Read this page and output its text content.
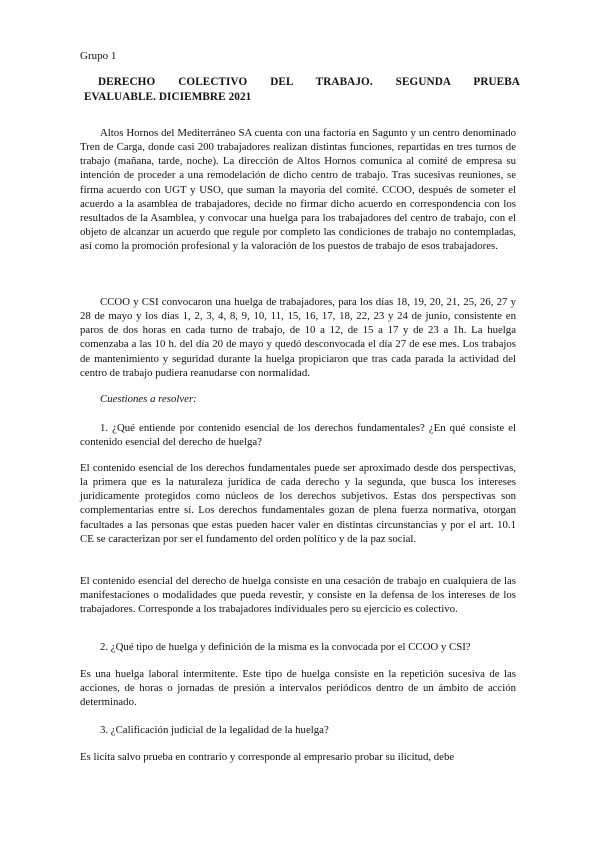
Grupo 1
DERECHO COLECTIVO DEL TRABAJO. SEGUNDA PRUEBA
EVALUABLE. DICIEMBRE 2021
Altos Hornos del Mediterráneo SA cuenta con una factoría en Sagunto y un centro denominado Tren de Carga, donde casi 200 trabajadores realizan distintas funciones, repartidas en tres turnos de trabajo (mañana, tarde, noche). La dirección de Altos Hornos comunica al comité de empresa su intención de proceder a una remodelación de dicho centro de trabajo. Tras sucesivas reuniones, se firma acuerdo con UGT y USO, que suman la mayoría del comité. CCOO, después de someter el acuerdo a la asamblea de trabajadores, decide no firmar dicho acuerdo en correspondencia con los resultados de la Asamblea, y convocar una huelga para los trabajadores del centro de trabajo, con el objeto de alcanzar un acuerdo que regule por completo las condiciones de trabajo no contempladas, así como la promoción profesional y la valoración de los puestos de trabajo de esos trabajadores.
CCOO y CSI convocaron una huelga de trabajadores, para los días 18, 19, 20, 21, 25, 26, 27 y 28 de mayo y los días 1, 2, 3, 4, 8, 9, 10, 11, 15, 16, 17, 18, 22, 23 y 24 de junio, consistente en paros de dos horas en cada turno de trabajo, de 10 a 12, de 15 a 17 y de 23 a 1h. La huelga comenzaba a las 10 h. del día 20 de mayo y quedó desconvocada el día 27 de ese mes. Los trabajos de mantenimiento y seguridad durante la huelga propiciaron que tras cada parada la actividad del centro de trabajo pudiera reanudarse con normalidad.
Cuestiones a resolver:
1. ¿Qué entiende por contenido esencial de los derechos fundamentales? ¿En qué consiste el contenido esencial del derecho de huelga?
El contenido esencial de los derechos fundamentales puede ser aproximado desde dos perspectivas, la primera que es la naturaleza jurídica de cada derecho y la segunda, que busca los intereses jurídicamente protegidos como núcleos de los derechos subjetivos. Estas dos perspectivas son complementarias entre sí. Los derechos fundamentales gozan de plena fuerza normativa, otorgan facultades a las personas que estas pueden hacer valer en distintas circunstancias y por el art. 10.1 CE se caracterizan por ser el fundamento del orden político y de la paz social.
El contenido esencial del derecho de huelga consiste en una cesación de trabajo en cualquiera de las manifestaciones o modalidades que pueda revestir, y consiste en la defensa de los intereses de los trabajadores. Corresponde a los trabajadores individuales pero su ejercicio es colectivo.
2. ¿Qué tipo de huelga y definición de la misma es la convocada por el CCOO y CSI?
Es una huelga laboral intermitente. Este tipo de huelga consiste en la repetición sucesiva de las acciones, de horas o jornadas de presión a intervalos periódicos dentro de un ámbito de acción determinado.
3. ¿Calificación judicial de la legalidad de la huelga?
Es lícita salvo prueba en contrario y corresponde al empresario probar su ilicitud, debe
